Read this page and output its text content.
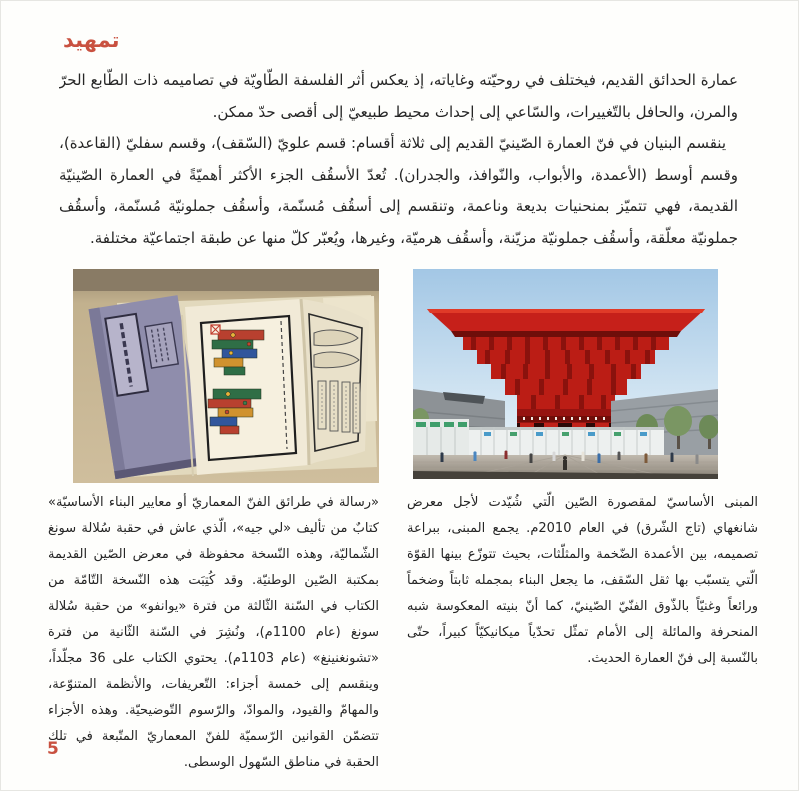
تمهيد

عمارة الحدائق القديم، فيختلف في روحيّته وغاياته، إذ يعكس أثر الفلسفة الطّاويّة في تصاميمه ذات الطّابع الحرّ والمرن، والحافل بالتّغييرات، والسّاعي إلى إحداث محيط طبيعيّ إلى أقصى حدّ ممكن.

ينقسم البنيان في فنّ العمارة الصّينيّ القديم إلى ثلاثة أقسام: قسم علويّ (السّقف)، وقسم سفليّ (القاعدة)، وقسم أوسط (الأعمدة، والأبواب، والنّوافذ، والجدران). تُعدّ الأسقُف الجزء الأكثر أهميّةً في العمارة الصّينيّة القديمة، فهي تتميّز بمنحنيات بديعة وناعمة، وتنقسم إلى أسقُف مُسنّمة، وأسقُف جملونيّة مُسنّمة، وأسقُف جملونيّة معلّقة، وأسقُف جملونيّة مزيّنة، وأسقُف هرميّة، وغيرها، ويُعبّر كلّ منها عن طبقة اجتماعيّة مختلفة.

«رسالة في طرائق الفنّ المعماريّ أو معايير البناء الأساسيّة» كتابٌ من تأليف «لي جيه»، الّذي عاش في حقبة سُلالة سونغ الشّماليّة، وهذه النّسخة محفوظة في معرض الصّين القديمة بمكتبة الصّين الوطنيّة. وقد كُتِبَت هذه النّسخة التّامّة من الكتاب في السّنة الثّالثة من فترة «يوانفو» من حقبة سُلالة سونغ (عام 1100م)، ونُشِرَ في السّنة الثّانية من فترة «تشونغنينغ» (عام 1103م). يحتوي الكتاب على 36 مجلّداً، وينقسم إلى خمسة أجزاء: التّعريفات، والأنظمة المتنوّعة، والمهامّ والقيود، والموادّ، والرّسوم التّوضيحيّة. وهذه الأجزاء تتضمّن القوانين الرّسميّة للفنّ المعماريّ المتّبعة في تلك الحقبة في مناطق السّهول الوسطى.

المبنى الأساسيّ لمقصورة الصّين الّتي شُيّدت لأجل معرض شانغهاي (تاج الشّرق) في العام 2010م. يجمع المبنى، ببراعة تصميمه، بين الأعمدة الضّخمة والمثلّثات، بحيث تتوزّع بينها القوّة الّتي يتسبّب بها ثقل السّقف، ما يجعل البناء بمجمله ثابتاً وضخماً ورائعاً وغنيّاً بالذّوق الفنّيّ الصّينيّ، كما أنّ بنيته المعكوسة شبه المنحرفة والمائلة إلى الأمام تمثّل تحدّياً ميكانيكيّاً كبيراً، حتّى بالنّسبة إلى فنّ العمارة الحديث.

5
